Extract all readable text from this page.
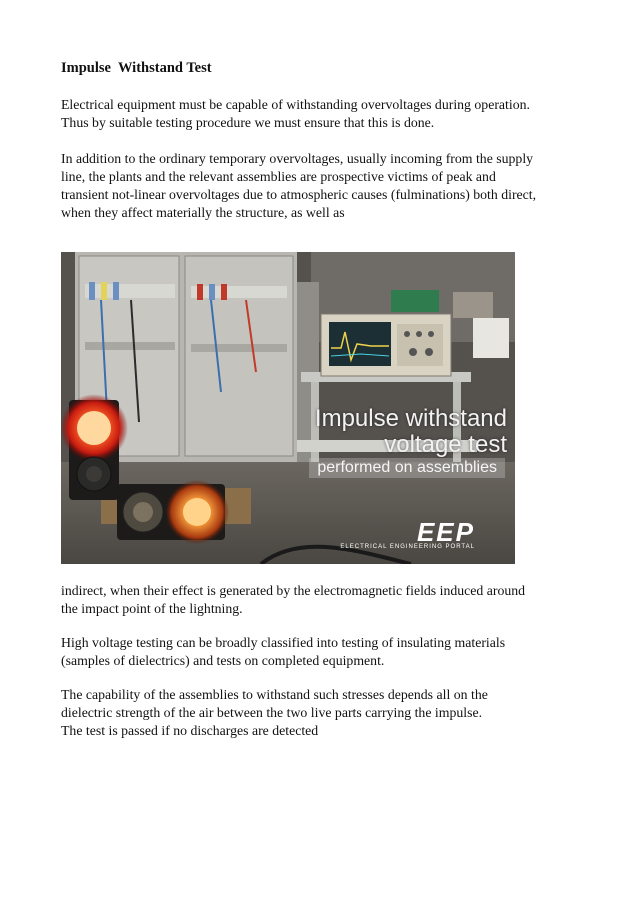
Impulse  Withstand Test
Electrical equipment must be capable of withstanding overvoltages during operation.
Thus by suitable testing procedure we must ensure that this is done.
In addition to the ordinary temporary overvoltages, usually incoming from the supply
line, the plants and the relevant assemblies are prospective victims of peak and
transient not-linear overvoltages due to atmospheric causes (fulminations) both direct,
when they affect materially the structure, as well as
Impulse withstand
voltage test
performed on assemblies
EEP
ELECTRICAL ENGINEERING PORTAL
indirect, when their effect is generated by the electromagnetic fields induced around
the impact point of the lightning.
High voltage testing can be broadly classified into testing of insulating materials
(samples of dielectrics) and tests on completed equipment.
The capability of the assemblies to withstand such stresses depends all on the
dielectric strength of the air between the two live parts carrying the impulse.
The test is passed if no discharges are detected
